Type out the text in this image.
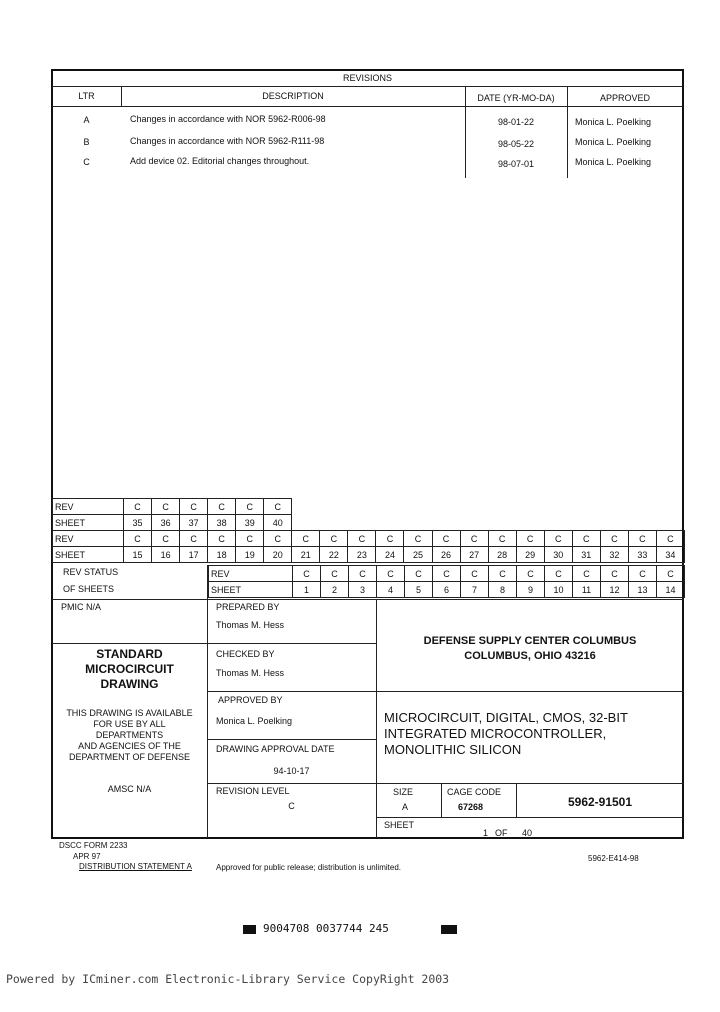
REVISIONS
LTR	DESCRIPTION	DATE (YR-MO-DA)	APPROVED
A	Changes in accordance with NOR 5962-R006-98	98-01-22	Monica L. Poelking
B	Changes in accordance with NOR 5962-R111-98	98-05-22	Monica L. Poelking
C	Add device 02. Editorial changes throughout.	98-07-01	Monica L. Poelking
REV	C	C	C	C	C	C														
SHEET	35	36	37	38	39	40														
REV	C	C	C	C	C	C	C	C	C	C	C	C	C	C	C	C	C	C	C	C
SHEET	15	16	17	18	19	20	21	22	23	24	25	26	27	28	29	30	31	32	33	34
REV STATUS
OF SHEETS
REV	C	C	C	C	C	C	C	C	C	C	C	C	C	C
SHEET	1	2	3	4	5	6	7	8	9	10	11	12	13	14
PMIC N/A
STANDARD
MICROCIRCUIT
DRAWING
THIS DRAWING IS AVAILABLE
FOR USE BY ALL
DEPARTMENTS
AND AGENCIES OF THE
DEPARTMENT OF DEFENSE
AMSC N/A
PREPARED BY
Thomas M. Hess
CHECKED BY
Thomas M. Hess
APPROVED BY
Monica L. Poelking
DRAWING APPROVAL DATE
94-10-17
REVISION LEVEL
C
DEFENSE SUPPLY CENTER COLUMBUS
COLUMBUS, OHIO 43216
MICROCIRCUIT, DIGITAL, CMOS, 32-BIT
INTEGRATED MICROCONTROLLER,
MONOLITHIC SILICON
SIZE
A
CAGE CODE
67268	5962-91501
SHEET
1 OF 40
DSCC FORM 2233
APR 97
DISTRIBUTION STATEMENT A	Approved for public release; distribution is unlimited.
5962-E414-98
9004708 0037744 245
Powered by ICminer.com Electronic-Library Service CopyRight 2003
